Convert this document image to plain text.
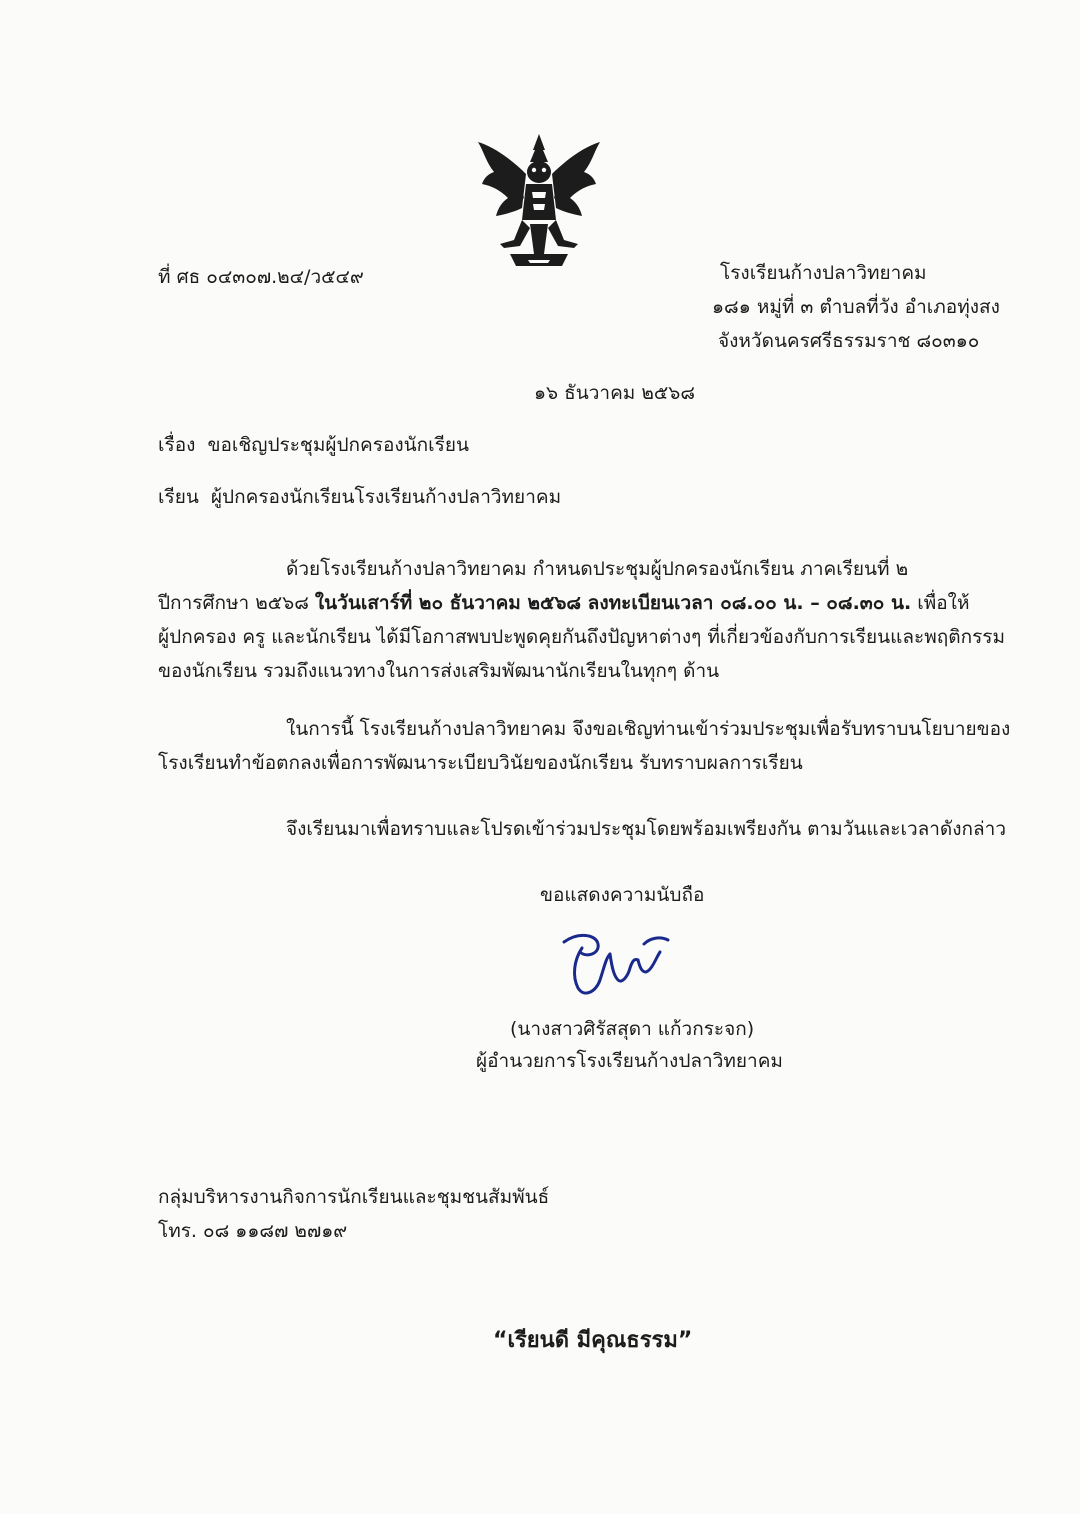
ที่ ศธ ๐๔๓๐๗.๒๔/ว๕๔๙	โรงเรียนก้างปลาวิทยาคม
๑๘๑ หมู่ที่ ๓ ตำบลที่วัง อำเภอทุ่งสง
จังหวัดนครศรีธรรมราช ๘๐๓๑๐
๑๖ ธันวาคม ๒๕๖๘
เรื่อง ขอเชิญประชุมผู้ปกครองนักเรียน
เรียน ผู้ปกครองนักเรียนโรงเรียนก้างปลาวิทยาคม
ด้วยโรงเรียนก้างปลาวิทยาคม กำหนดประชุมผู้ปกครองนักเรียน ภาคเรียนที่ ๒
ปีการศึกษา ๒๕๖๘ ในวันเสาร์ที่ ๒๐ ธันวาคม ๒๕๖๘ ลงทะเบียนเวลา ๐๘.๐๐ น. – ๐๘.๓๐ น. เพื่อให้
ผู้ปกครอง ครู และนักเรียน ได้มีโอกาสพบปะพูดคุยกันถึงปัญหาต่างๆ ที่เกี่ยวข้องกับการเรียนและพฤติกรรม
ของนักเรียน รวมถึงแนวทางในการส่งเสริมพัฒนานักเรียนในทุกๆ ด้าน
ในการนี้ โรงเรียนก้างปลาวิทยาคม จึงขอเชิญท่านเข้าร่วมประชุมเพื่อรับทราบนโยบายของ
โรงเรียนทำข้อตกลงเพื่อการพัฒนาระเบียบวินัยของนักเรียน รับทราบผลการเรียน
จึงเรียนมาเพื่อทราบและโปรดเข้าร่วมประชุมโดยพร้อมเพรียงกัน ตามวันและเวลาดังกล่าว
ขอแสดงความนับถือ
(นางสาวศิรัสสุดา แก้วกระจก)
ผู้อำนวยการโรงเรียนก้างปลาวิทยาคม
กลุ่มบริหารงานกิจการนักเรียนและชุมชนสัมพันธ์
โทร. ๐๘ ๑๑๘๗ ๒๗๑๙
“เรียนดี มีคุณธรรม”
